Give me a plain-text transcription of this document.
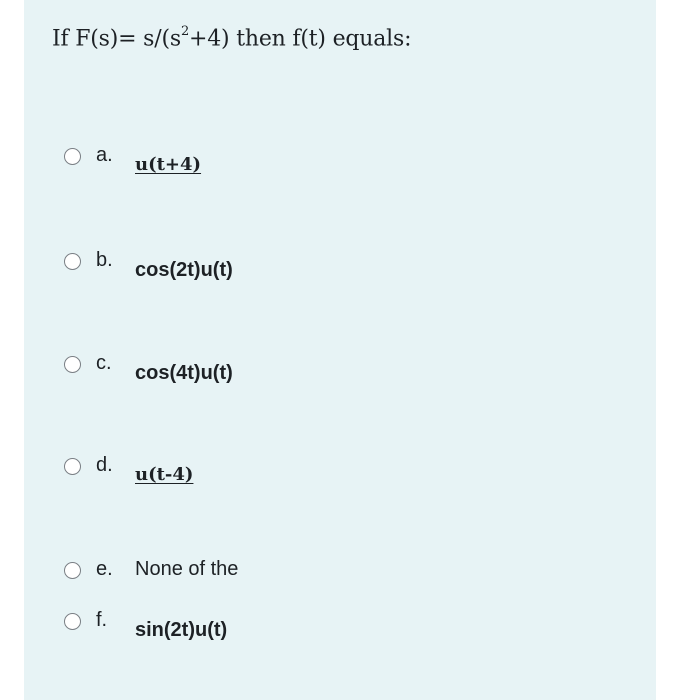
If $F(s)= s/(s^2+4)$ then f(t) equals:
a. u(t+4)
b. cos(2t)u(t)
c. cos(4t)u(t)
d. u(t-4)
e. None of the
f. sin(2t)u(t)
